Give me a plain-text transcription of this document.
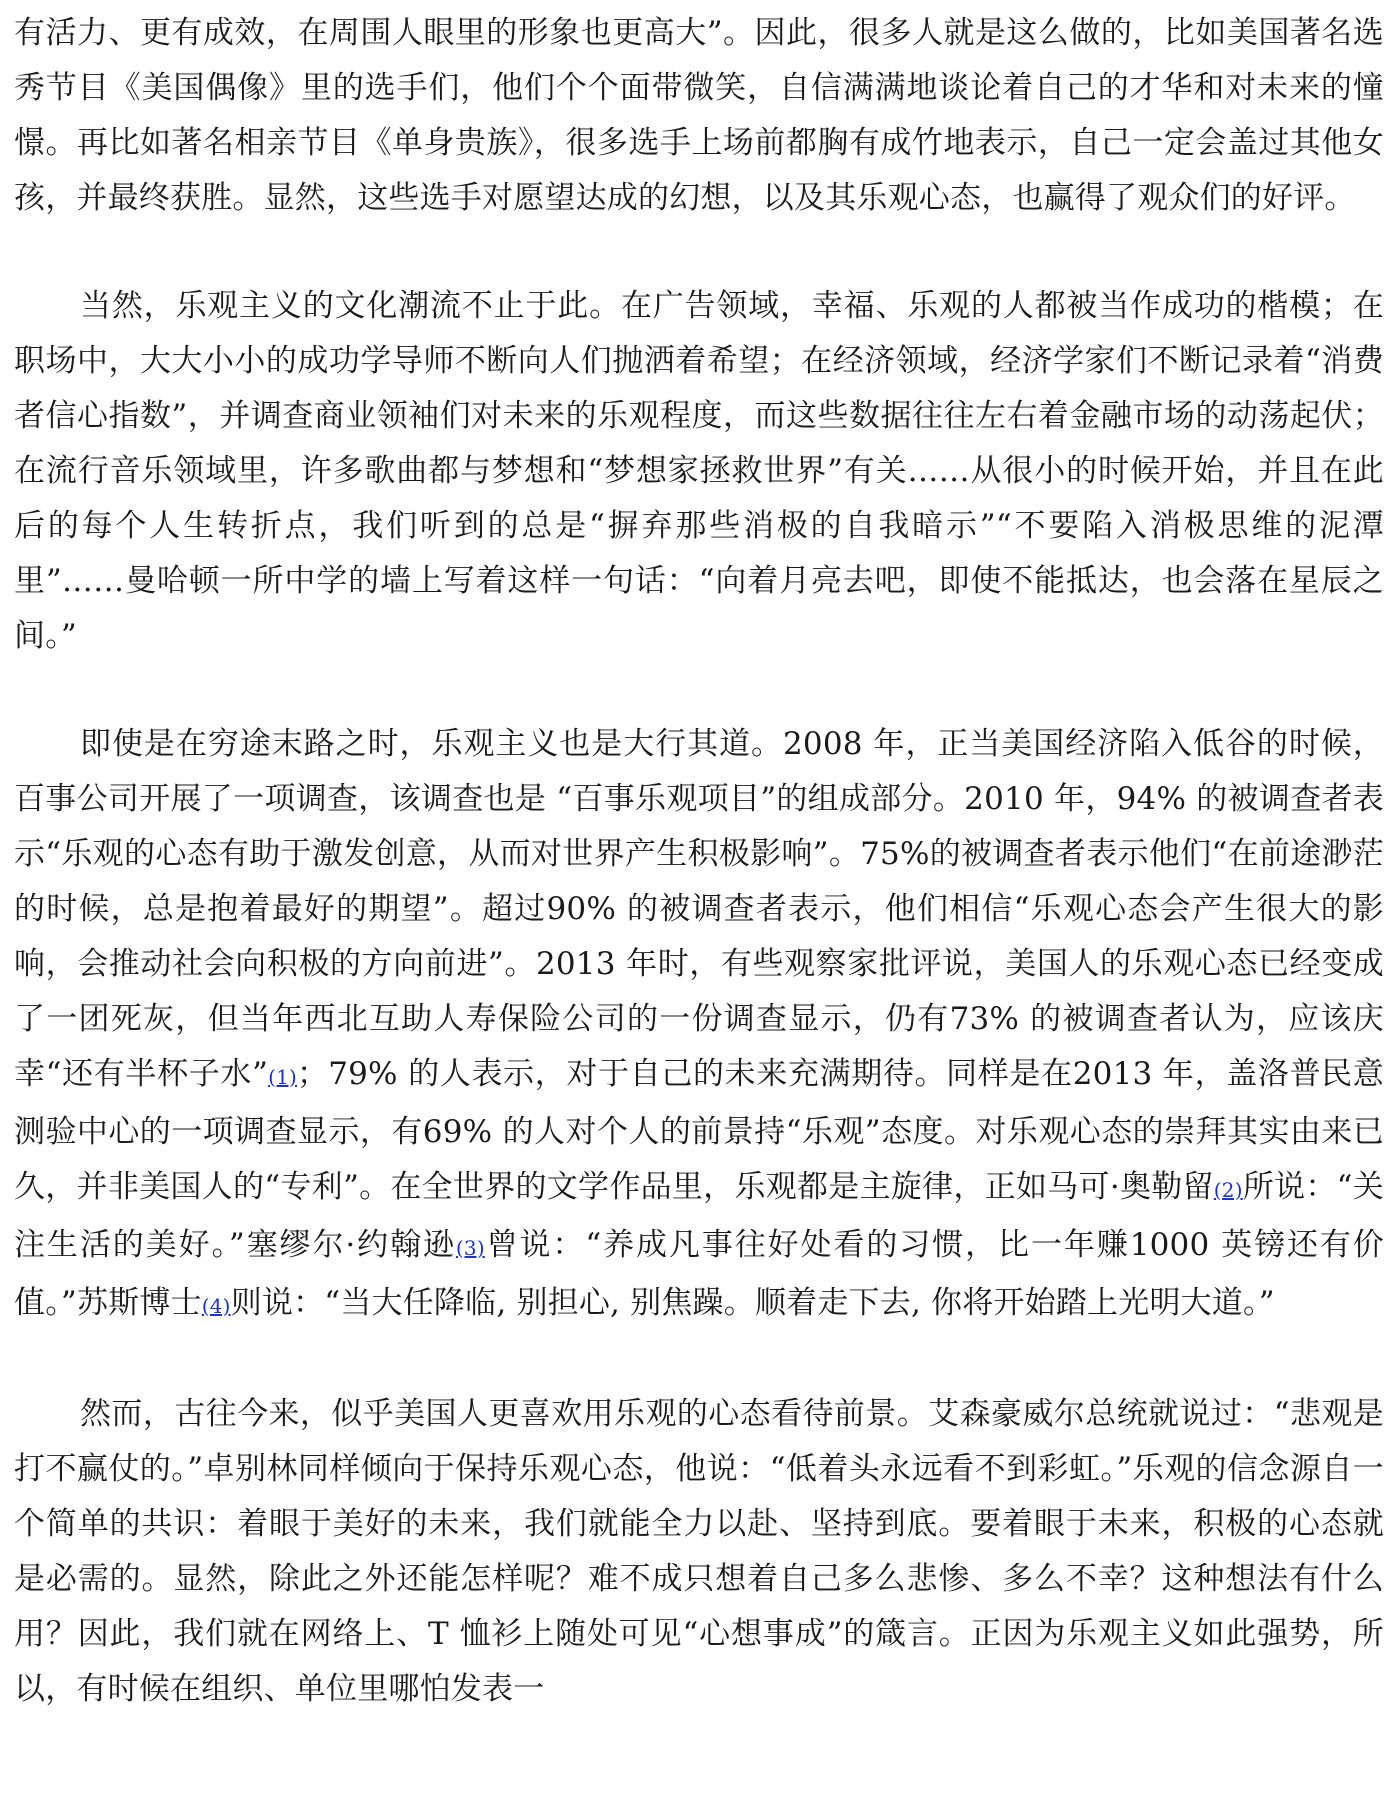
有活力、更有成效，在周围人眼里的形象也更高大”。因此，很多人就是这么做的，比如美国著名选秀节目《美国偶像》里的选手们，他们个个面带微笑，自信满满地谈论着自己的才华和对未来的憧憬。再比如著名相亲节目《单身贵族》，很多选手上场前都胸有成竹地表示，自己一定会盖过其他女孩，并最终获胜。显然，这些选手对愿望达成的幻想，以及其乐观心态，也赢得了观众们的好评。

当然，乐观主义的文化潮流不止于此。在广告领域，幸福、乐观的人都被当作成功的楷模；在职场中，大大小小的成功学导师不断向人们抛洒着希望；在经济领域，经济学家们不断记录着“消费者信心指数”，并调查商业领袖们对未来的乐观程度，而这些数据往往左右着金融市场的动荡起伏；在流行音乐领域里，许多歌曲都与梦想和“梦想家拯救世界”有关……从很小的时候开始，并且在此后的每个人生转折点，我们听到的总是“摒弃那些消极的自我暗示”“不要陷入消极思维的泥潭里”……曼哈顿一所中学的墙上写着这样一句话：“向着月亮去吧，即使不能抵达，也会落在星辰之间。”

即使是在穷途末路之时，乐观主义也是大行其道。2008 年，正当美国经济陷入低谷的时候，百事公司开展了一项调查，该调查也是 “百事乐观项目”的组成部分。2010 年，94% 的被调查者表示“乐观的心态有助于激发创意，从而对世界产生积极影响”。75%的被调查者表示他们“在前途渺茫的时候，总是抱着最好的期望”。超过90% 的被调查者表示，他们相信“乐观心态会产生很大的影响，会推动社会向积极的方向前进”。2013 年时，有些观察家批评说，美国人的乐观心态已经变成了一团死灰，但当年西北互助人寿保险公司的一份调查显示，仍有73% 的被调查者认为，应该庆幸“还有半杯子水”(1)；79% 的人表示，对于自己的未来充满期待。同样是在2013 年，盖洛普民意测验中心的一项调查显示，有69% 的人对个人的前景持“乐观”态度。对乐观心态的崇拜其实由来已久，并非美国人的“专利”。在全世界的文学作品里，乐观都是主旋律，正如马可·奥勒留(2)所说：“关注生活的美好。”塞缪尔·约翰逊(3)曾说：“养成凡事往好处看的习惯，比一年赚1000 英镑还有价值。”苏斯博士(4)则说：“当大任降临, 别担心, 别焦躁。顺着走下去, 你将开始踏上光明大道。”

然而，古往今来，似乎美国人更喜欢用乐观的心态看待前景。艾森豪威尔总统就说过：“悲观是打不赢仗的。”卓别林同样倾向于保持乐观心态，他说：“低着头永远看不到彩虹。”乐观的信念源自一个简单的共识：着眼于美好的未来，我们就能全力以赴、坚持到底。要着眼于未来，积极的心态就是必需的。显然，除此之外还能怎样呢？难不成只想着自己多么悲惨、多么不幸？这种想法有什么用？因此，我们就在网络上、T 恤衫上随处可见“心想事成”的箴言。正因为乐观主义如此强势，所以，有时候在组织、单位里哪怕发表一
